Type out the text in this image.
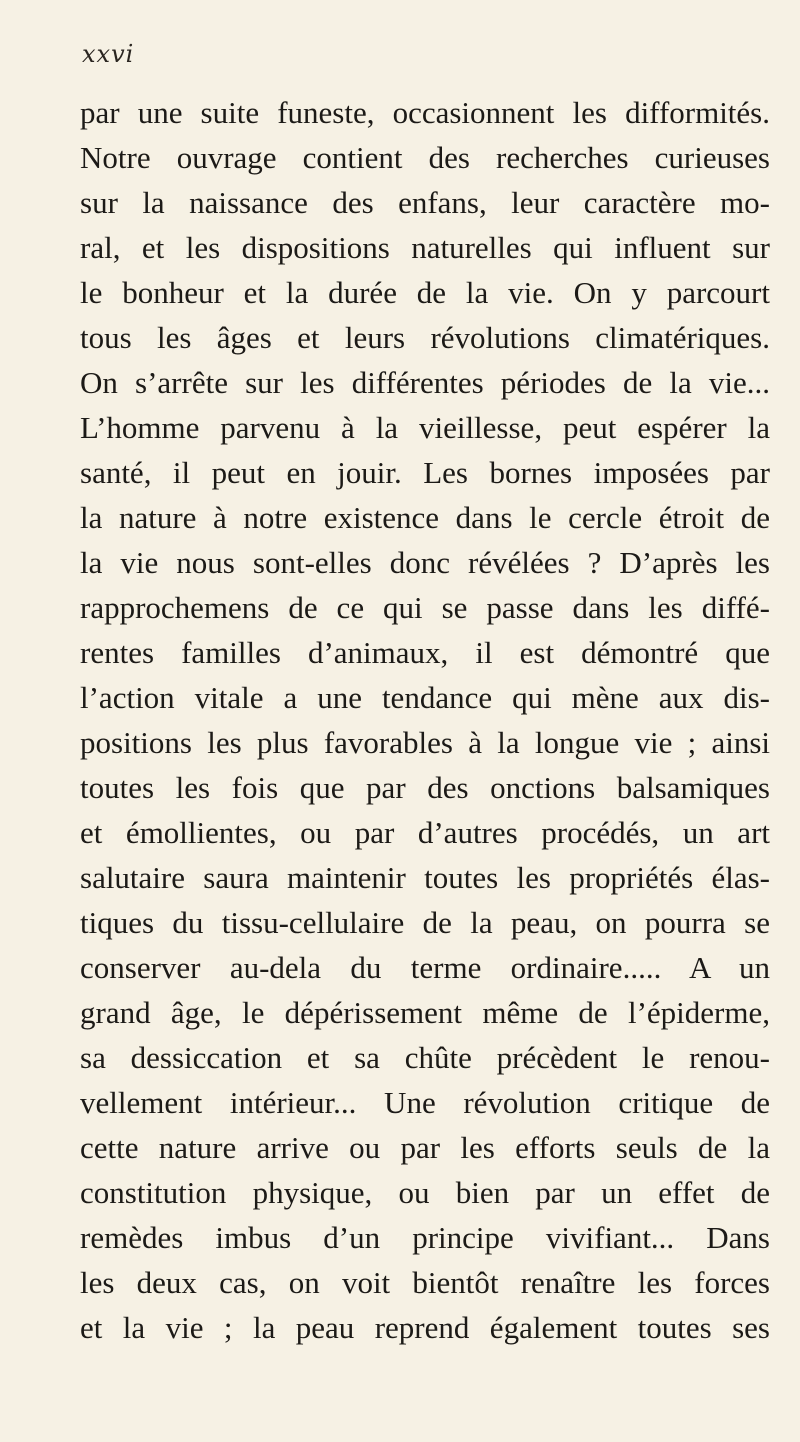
xxvi
par une suite funeste, occasionnent les difformités.
Notre ouvrage contient des recherches curieuses
sur la naissance des enfans, leur caractère mo-
ral, et les dispositions naturelles qui influent sur
le bonheur et la durée de la vie. On y parcourt
tous les âges et leurs révolutions climatériques.
On s’arrête sur les différentes périodes de la vie...
L’homme parvenu à la vieillesse, peut espérer la
santé, il peut en jouir. Les bornes imposées par
la nature à notre existence dans le cercle étroit de
la vie nous sont-elles donc révélées ? D’après les
rapprochemens de ce qui se passe dans les diffé-
rentes familles d’animaux, il est démontré que
l’action vitale a une tendance qui mène aux dis-
positions les plus favorables à la longue vie ; ainsi
toutes les fois que par des onctions balsamiques
et émollientes, ou par d’autres procédés, un art
salutaire saura maintenir toutes les propriétés élas-
tiques du tissu-cellulaire de la peau, on pourra se
conserver au-dela du terme ordinaire..... A un
grand âge, le dépérissement même de l’épiderme,
sa dessiccation et sa chûte précèdent le renou-
vellement intérieur... Une révolution critique de
cette nature arrive ou par les efforts seuls de la
constitution physique, ou bien par un effet de
remèdes imbus d’un principe vivifiant... Dans
les deux cas, on voit bientôt renaître les forces
et la vie ; la peau reprend également toutes ses
